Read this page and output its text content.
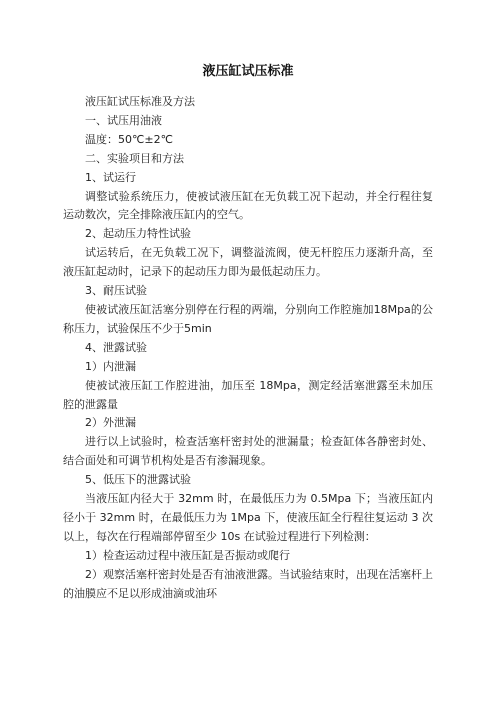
液压缸试压标准

液压缸试压标准及方法

一、试压用油液

温度：50℃±2℃

二、实验项目和方法

1、试运行

调整试验系统压力，使被试液压缸在无负载工况下起动，并全行程往复运动数次，完全排除液压缸内的空气。

2、起动压力特性试验

试运转后，在无负载工况下，调整溢流阀，使无杆腔压力逐渐升高，至液压缸起动时，记录下的起动压力即为最低起动压力。

3、耐压试验

使被试液压缸活塞分别停在行程的两端，分别向工作腔施加18Mpa的公称压力，试验保压不少于5min

4、泄露试验

1）内泄漏

使被试液压缸工作腔进油，加压至 18Mpa，测定经活塞泄露至未加压腔的泄露量

2）外泄漏

进行以上试验时，检查活塞杆密封处的泄漏量；检查缸体各静密封处、结合面处和可调节机构处是否有渗漏现象。

5、低压下的泄露试验

当液压缸内径大于 32mm 时，在最低压力为 0.5Mpa 下；当液压缸内径小于 32mm 时，在最低压力为 1Mpa 下，使液压缸全行程往复运动 3 次以上，每次在行程端部停留至少 10s 在试验过程进行下列检测：

1）检查运动过程中液压缸是否振动或爬行

2）观察活塞杆密封处是否有油液泄露。当试验结束时，出现在活塞杆上的油膜应不足以形成油滴或油环
